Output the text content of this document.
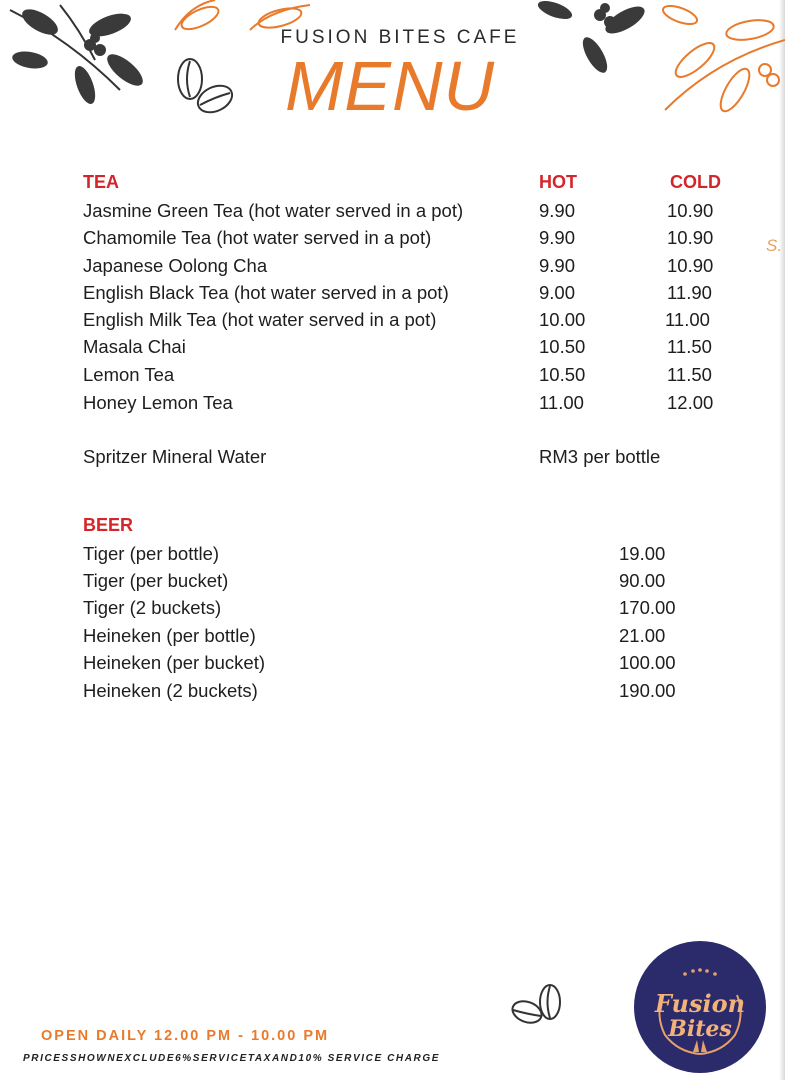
FUSION BITES CAFE
MENU
TEA	HOT	COLD
Jasmine Green Tea (hot water served in a pot)	9.90	10.90
Chamomile Tea (hot water served in a pot)	9.90	10.90
Japanese Oolong Cha	9.90	10.90
English Black Tea (hot water served in a pot)	9.00	11.90
English Milk Tea (hot water served in a pot)	10.00	11.00
Masala Chai	10.50	11.50
Lemon Tea	10.50	11.50
Honey Lemon Tea	11.00	12.00
S.
Spritzer Mineral Water	RM3 per bottle
BEER
Tiger (per bottle)	19.00
Tiger (per bucket)	90.00
Tiger (2 buckets)	170.00
Heineken (per bottle)	21.00
Heineken (per bucket)	100.00
Heineken (2 buckets)	190.00
OPEN DAILY 12.00 PM - 10.00 PM
PRICESSHOWNEXCLUDE6%SERVICETAXAND10% SERVICE CHARGE
Fusion
Bites
